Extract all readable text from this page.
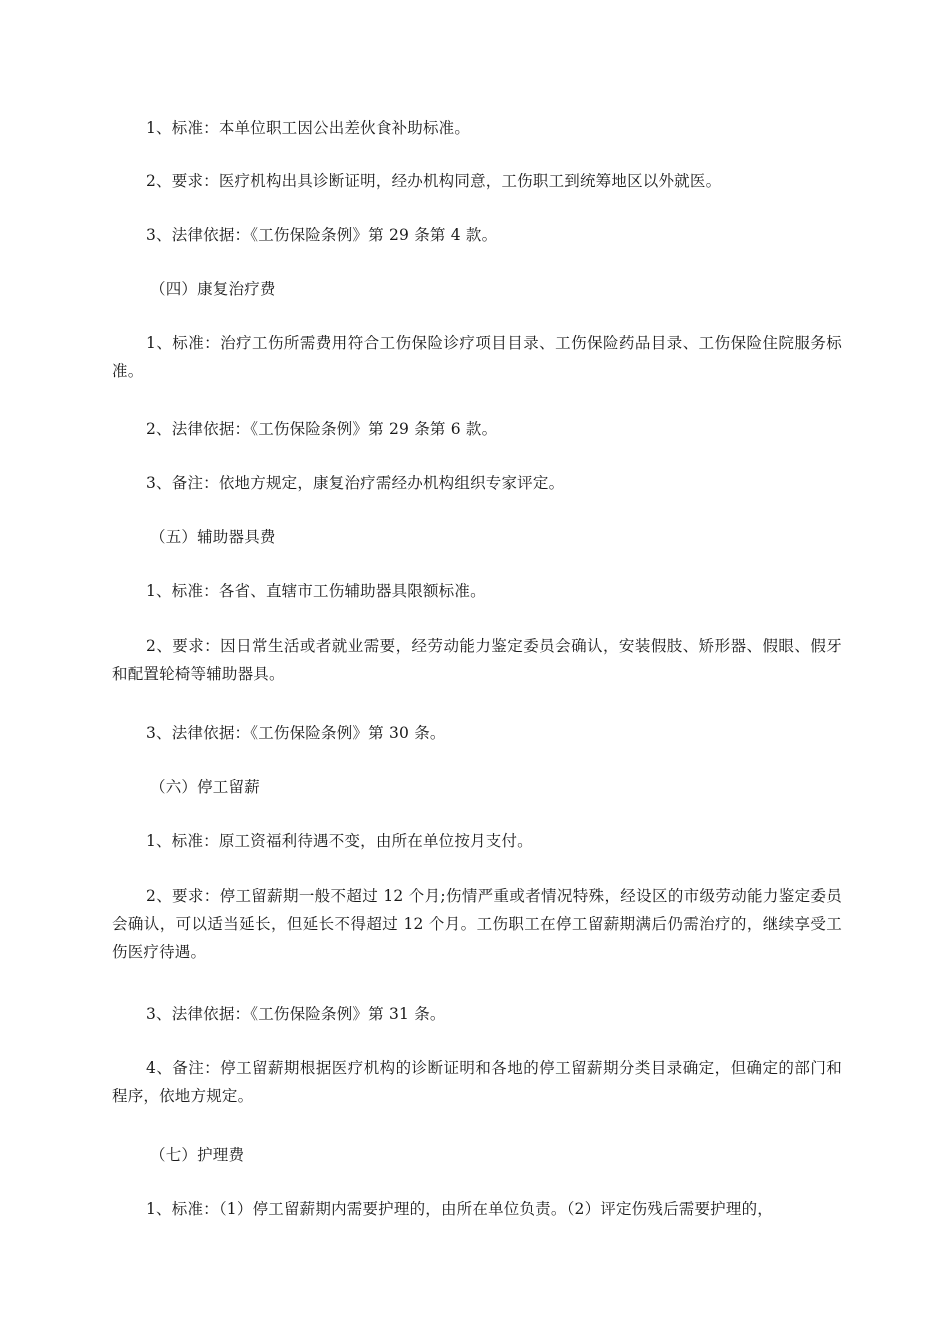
1、标准：本单位职工因公出差伙食补助标准。

2、要求：医疗机构出具诊断证明，经办机构同意，工伤职工到统筹地区以外就医。

3、法律依据：《工伤保险条例》第 29 条第 4 款。

（四）康复治疗费

1、标准：治疗工伤所需费用符合工伤保险诊疗项目目录、工伤保险药品目录、工伤保险住院服务标准。

2、法律依据：《工伤保险条例》第 29 条第 6 款。

3、备注：依地方规定，康复治疗需经办机构组织专家评定。

（五）辅助器具费

1、标准：各省、直辖市工伤辅助器具限额标准。

2、要求：因日常生活或者就业需要，经劳动能力鉴定委员会确认，安装假肢、矫形器、假眼、假牙和配置轮椅等辅助器具。

3、法律依据：《工伤保险条例》第 30 条。

（六）停工留薪

1、标准：原工资福利待遇不变，由所在单位按月支付。

2、要求：停工留薪期一般不超过 12 个月;伤情严重或者情况特殊，经设区的市级劳动能力鉴定委员会确认，可以适当延长，但延长不得超过 12 个月。工伤职工在停工留薪期满后仍需治疗的，继续享受工伤医疗待遇。

3、法律依据：《工伤保险条例》第 31 条。

4、备注：停工留薪期根据医疗机构的诊断证明和各地的停工留薪期分类目录确定，但确定的部门和程序，依地方规定。

（七）护理费

1、标准：（1）停工留薪期内需要护理的，由所在单位负责。（2）评定伤残后需要护理的，
